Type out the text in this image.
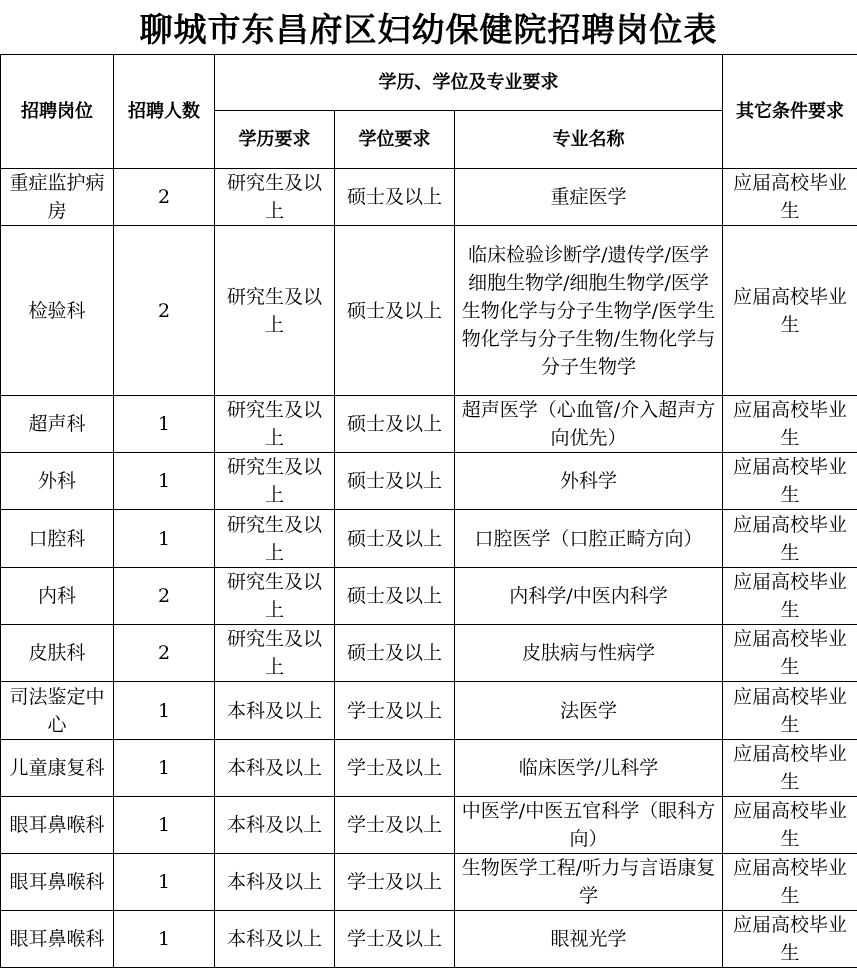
聊城市东昌府区妇幼保健院招聘岗位表
招聘岗位	招聘人数	学历、学位及专业要求			其它条件要求
		学历要求	学位要求	专业名称	
重症监护病房	2	研究生及以上	硕士及以上	重症医学	应届高校毕业生
检验科	2	研究生及以上	硕士及以上	临床检验诊断学/遗传学/医学细胞生物学/细胞生物学/医学生物化学与分子生物学/医学生物化学与分子生物/生物化学与分子生物学	应届高校毕业生
超声科	1	研究生及以上	硕士及以上	超声医学（心血管/介入超声方向优先）	应届高校毕业生
外科	1	研究生及以上	硕士及以上	外科学	应届高校毕业生
口腔科	1	研究生及以上	硕士及以上	口腔医学（口腔正畸方向）	应届高校毕业生
内科	2	研究生及以上	硕士及以上	内科学/中医内科学	应届高校毕业生
皮肤科	2	研究生及以上	硕士及以上	皮肤病与性病学	应届高校毕业生
司法鉴定中心	1	本科及以上	学士及以上	法医学	应届高校毕业生
儿童康复科	1	本科及以上	学士及以上	临床医学/儿科学	应届高校毕业生
眼耳鼻喉科	1	本科及以上	学士及以上	中医学/中医五官科学（眼科方向）	应届高校毕业生
眼耳鼻喉科	1	本科及以上	学士及以上	生物医学工程/听力与言语康复学	应届高校毕业生
眼耳鼻喉科	1	本科及以上	学士及以上	眼视光学	应届高校毕业生
